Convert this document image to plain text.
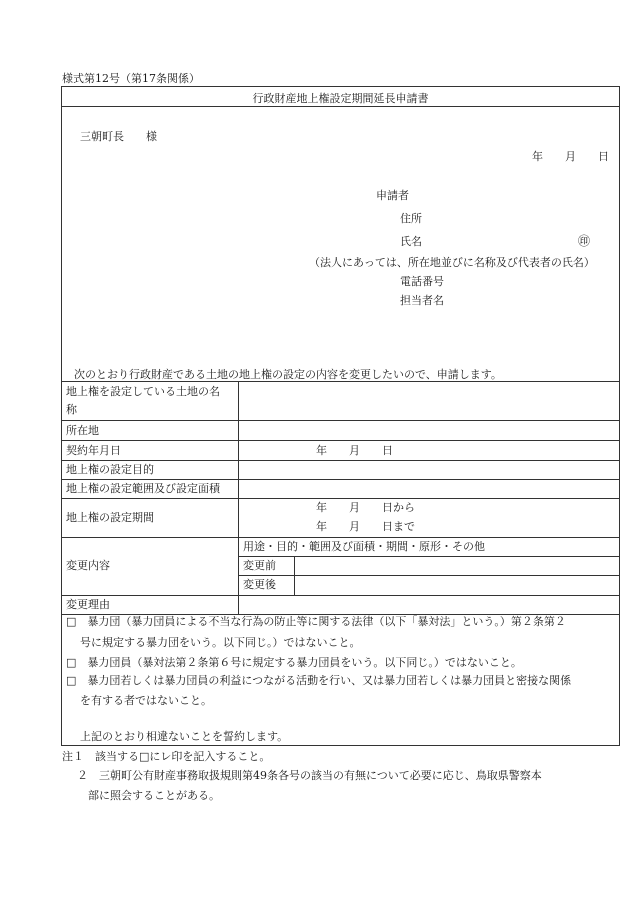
様式第12号（第17条関係）
行政財産地上権設定期間延長申請書
三朝町長　　様
年　　月　　日
申請者
住所
氏名	㊞
（法人にあっては、所在地並びに名称及び代表者の氏名）
電話番号
担当者名
次のとおり行政財産である土地の地上権の設定の内容を変更したいので、申請します。
地上権を設定している土地の名
称
所在地
契約年月日	年　　月　　日
地上権の設定目的
地上権の設定範囲及び設定面積
地上権の設定期間
年　　月　　日から
年　　月　　日まで
変更内容
用途・目的・範囲及び面積・期間・原形・その他
変更前
変更後
変更理由
□　暴力団（暴力団員による不当な行為の防止等に関する法律（以下「暴対法」という。）第２条第２
号に規定する暴力団をいう。以下同じ。）ではないこと。
□　暴力団員（暴対法第２条第６号に規定する暴力団員をいう。以下同じ。）ではないこと。
□　暴力団若しくは暴力団員の利益につながる活動を行い、又は暴力団若しくは暴力団員と密接な関係
を有する者ではないこと。
上記のとおり相違ないことを誓約します。
注１　該当する□にレ印を記入すること。
２　三朝町公有財産事務取扱規則第49条各号の該当の有無について必要に応じ、鳥取県警察本
部に照会することがある。
